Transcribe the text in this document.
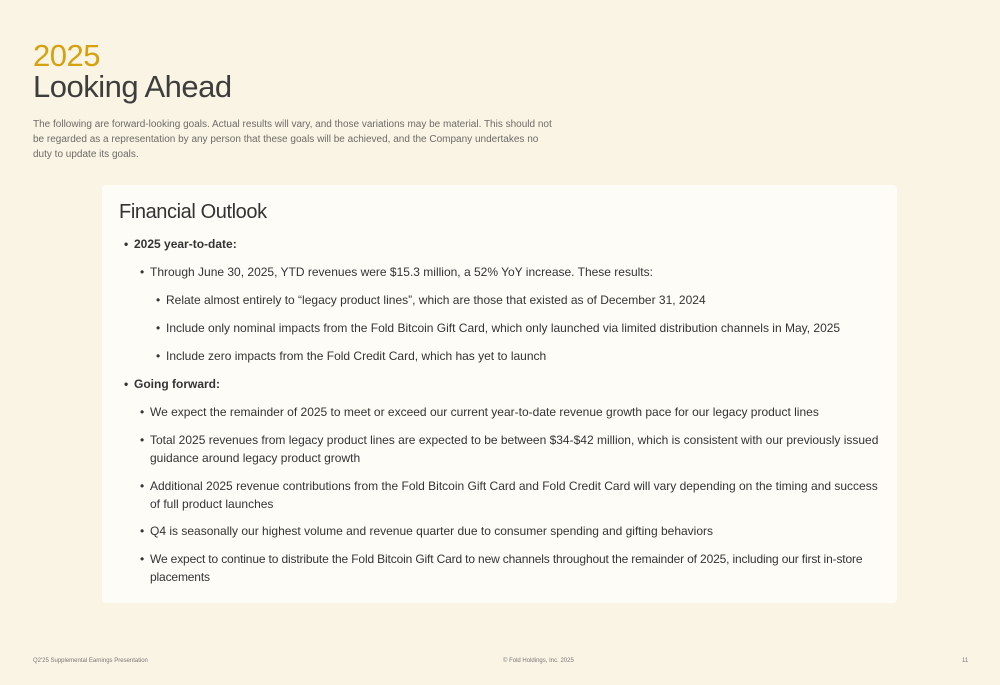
2025
Looking Ahead
The following are forward-looking goals. Actual results will vary, and those variations may be material. This should not be regarded as a representation by any person that these goals will be achieved, and the Company undertakes no duty to update its goals.
Financial Outlook
• 2025 year-to-date:
• Through June 30, 2025, YTD revenues were $15.3 million, a 52% YoY increase. These results:
• Relate almost entirely to “legacy product lines”, which are those that existed as of December 31, 2024
• Include only nominal impacts from the Fold Bitcoin Gift Card, which only launched via limited distribution channels in May, 2025
• Include zero impacts from the Fold Credit Card, which has yet to launch
• Going forward:
• We expect the remainder of 2025 to meet or exceed our current year-to-date revenue growth pace for our legacy product lines
• Total 2025 revenues from legacy product lines are expected to be between $34-$42 million, which is consistent with our previously issued guidance around legacy product growth
• Additional 2025 revenue contributions from the Fold Bitcoin Gift Card and Fold Credit Card will vary depending on the timing and success of full product launches
• Q4 is seasonally our highest volume and revenue quarter due to consumer spending and gifting behaviors
• We expect to continue to distribute the Fold Bitcoin Gift Card to new channels throughout the remainder of 2025, including our first in-store placements
Q2'25 Supplemental Earnings Presentation	© Fold Holdings, Inc. 2025	11
